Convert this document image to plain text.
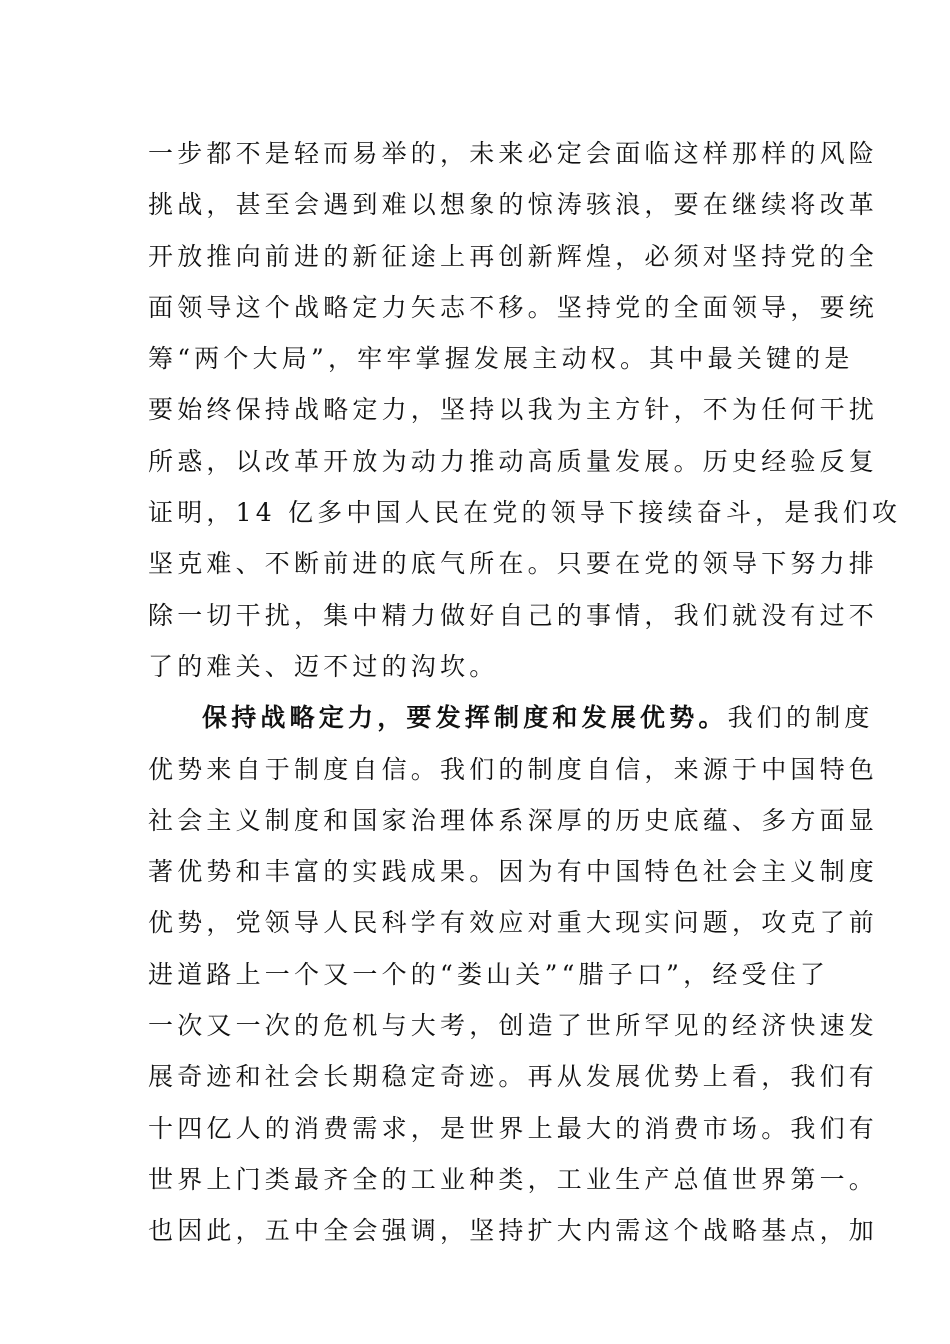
一步都不是轻而易举的，未来必定会面临这样那样的风险
挑战，甚至会遇到难以想象的惊涛骇浪，要在继续将改革
开放推向前进的新征途上再创新辉煌，必须对坚持党的全
面领导这个战略定力矢志不移。坚持党的全面领导，要统
筹“两个大局”，牢牢掌握发展主动权。其中最关键的是
要始终保持战略定力，坚持以我为主方针，不为任何干扰
所惑，以改革开放为动力推动高质量发展。历史经验反复
证明，14 亿多中国人民在党的领导下接续奋斗，是我们攻
坚克难、不断前进的底气所在。只要在党的领导下努力排
除一切干扰，集中精力做好自己的事情，我们就没有过不
了的难关、迈不过的沟坎。
保持战略定力，要发挥制度和发展优势。我们的制度
优势来自于制度自信。我们的制度自信，来源于中国特色
社会主义制度和国家治理体系深厚的历史底蕴、多方面显
著优势和丰富的实践成果。因为有中国特色社会主义制度
优势，党领导人民科学有效应对重大现实问题，攻克了前
进道路上一个又一个的“娄山关”“腊子口”，经受住了
一次又一次的危机与大考，创造了世所罕见的经济快速发
展奇迹和社会长期稳定奇迹。再从发展优势上看，我们有
十四亿人的消费需求，是世界上最大的消费市场。我们有
世界上门类最齐全的工业种类，工业生产总值世界第一。
也因此，五中全会强调，坚持扩大内需这个战略基点，加
